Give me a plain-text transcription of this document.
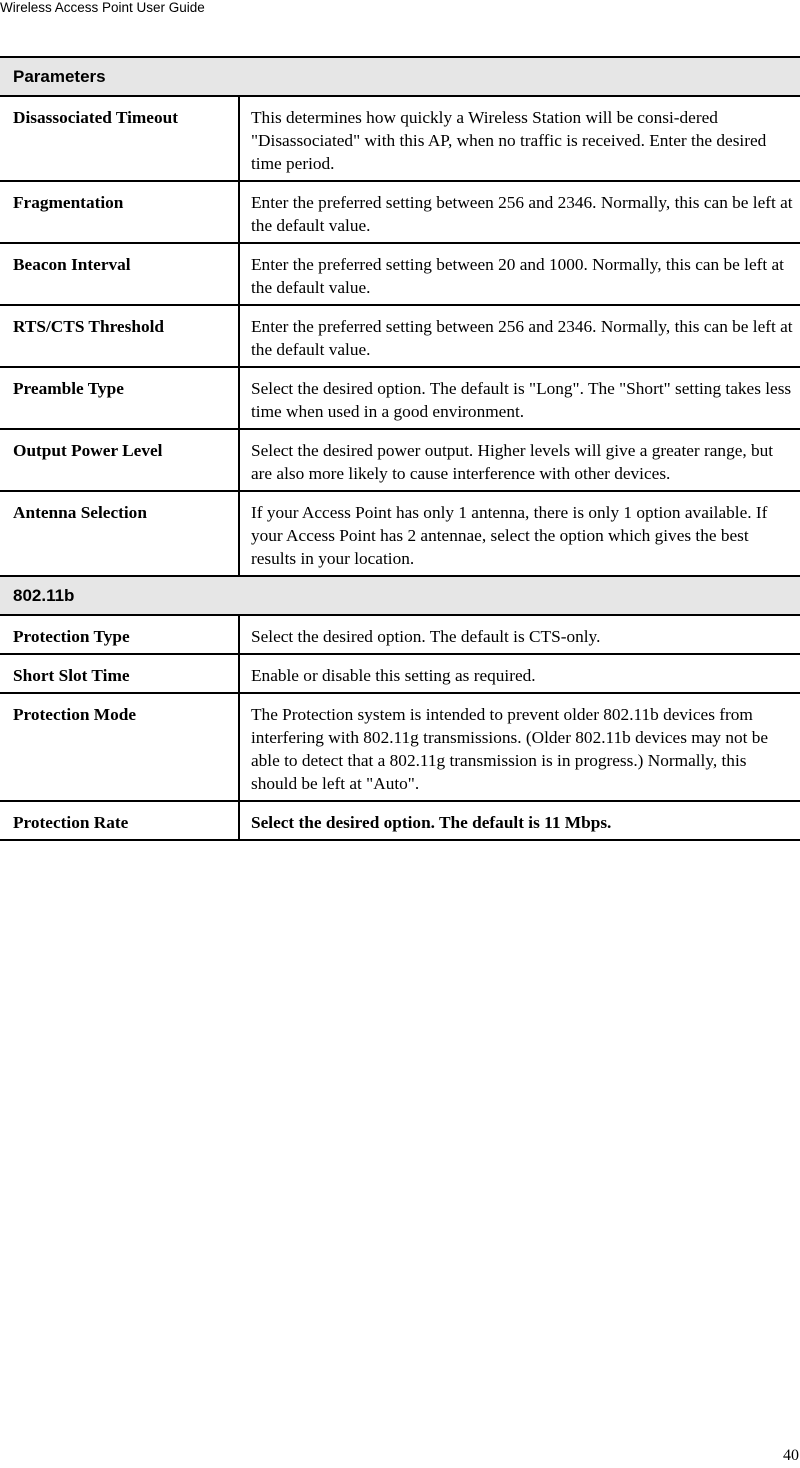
Wireless Access Point User Guide
Parameters	
Disassociated Timeout	This determines how quickly a Wireless Station will be consi-dered "Disassociated" with this AP, when no traffic is received. Enter the desired time period.
Fragmentation	Enter the preferred setting between 256 and 2346. Normally, this can be left at the default value.
Beacon Interval	Enter the preferred setting between 20 and 1000. Normally, this can be left at the default value.
RTS/CTS Threshold	Enter the preferred setting between 256 and 2346. Normally, this can be left at the default value.
Preamble Type	Select the desired option. The default is "Long". The "Short" setting takes less time when used in a good environment.
Output Power Level	Select the desired power output. Higher levels will give a greater range, but are also more likely to cause interference with other devices.
Antenna Selection	If your Access Point has only 1 antenna, there is only 1 option available. If your Access Point has 2 antennae, select the option which gives the best results in your location.
802.11b	
Protection Type	Select the desired option. The default is CTS-only.
Short Slot Time	Enable or disable this setting as required.
Protection Mode	The Protection system is intended to prevent older 802.11b devices from interfering with 802.11g transmissions. (Older 802.11b devices may not be able to detect that a 802.11g transmission is in progress.) Normally, this should be left at "Auto".
Protection Rate	Select the desired option. The default is 11 Mbps.
40
